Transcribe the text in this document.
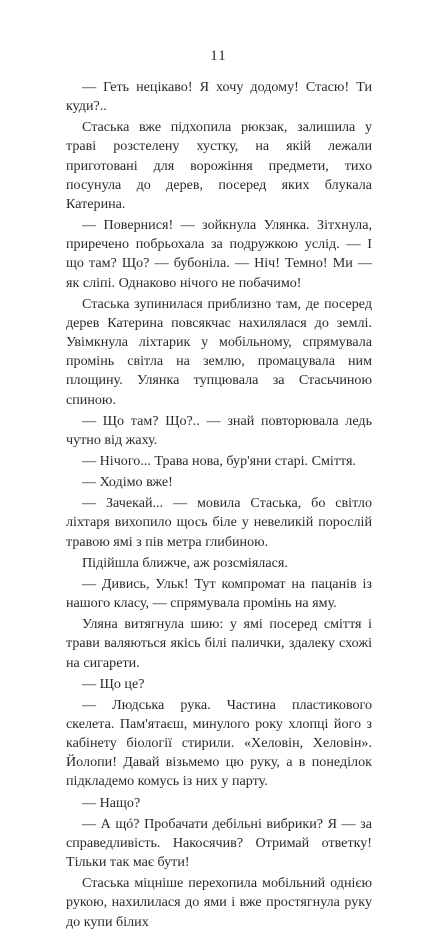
11

— Геть нецікаво! Я хочу додому! Стасю! Ти куди?..

Стаська вже підхопила рюкзак, залишила у траві розстелену хустку, на якій лежали приготовані для ворожіння предмети, тихо посунула до дерев, посеред яких блукала Катерина.

— Повернися! — зойкнула Улянка. Зітхнула, приречено побрьохала за подружкою услід. — І що там? Що? — бубоніла. — Ніч! Темно! Ми — як сліпі. Однаково нічого не побачимо!

Стаська зупинилася приблизно там, де посеред дерев Катерина повсякчас нахилялася до землі. Увімкнула ліхтарик у мобільному, спрямувала промінь світла на землю, промацувала ним площину. Улянка тупцювала за Стасьчиною спиною.

— Що там? Що?.. — знай повторювала ледь чутно від жаху.

— Нічого... Трава нова, бур'яни старі. Сміття.

— Ходімо вже!

— Зачекай... — мовила Стаська, бо світло ліхтаря вихопило щось біле у невеликій порослій травою ямі з пів метра глибиною.

Підійшла ближче, аж розсміялася.

— Дивись, Ульк! Тут компромат на пацанів із нашого класу, — спрямувала промінь на яму.

Уляна витягнула шию: у ямі посеред сміття і трави валяються якісь білі палички, здалеку схожі на сигарети.

— Що це?

— Людська рука. Частина пластикового скелета. Пам'ятаєш, минулого року хлопці його з кабінету біології стирили. «Хеловін, Хеловін». Йолопи! Давай візьмемо цю руку, а в понеділок підкладемо комусь із них у парту.

— Нащо?

— А щó? Пробачати дебільні вибрики? Я — за справедливість. Накосячив? Отримай ответку! Тільки так має бути!

Стаська міцніше перехопила мобільний однією рукою, нахилилася до ями і вже простягнула руку до купи білих
